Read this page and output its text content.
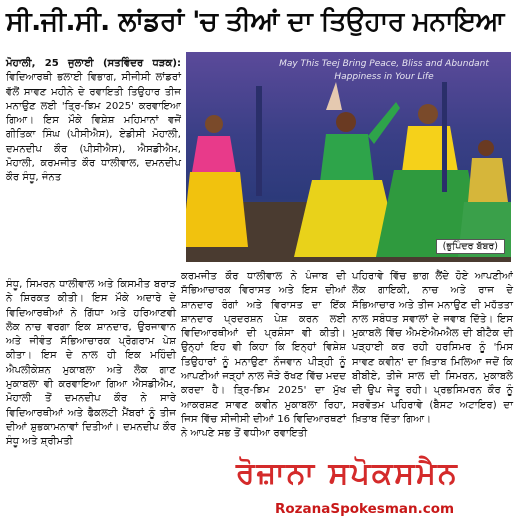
ਸੀ.ਜੀ.ਸੀ. ਲਾਂਡਰਾਂ 'ਚ ਤੀਆਂ ਦਾ ਤਿਉਹਾਰ ਮਨਾਇਆ

ਮੋਹਾਲੀ, 25 ਜੁਲਾਈ (ਸਤਵਿੰਦਰ ਧੜਕ): ਵਿਦਿਆਰਥੀ ਭਲਾਈ ਵਿਭਾਗ, ਸੀਜੀਸੀ ਲਾਂਡਰਾਂ ਵੱਲੋਂ ਸਾਵਣ ਮਹੀਨੇ ਦੇ ਰਵਾਇਤੀ ਤਿਉਹਾਰ ਤੀਜ ਮਨਾਉਣ ਲਈ 'ਤ੍ਰਿ-ਝਿਮ 2025' ਕਰਵਾਇਆ ਗਿਆ। ਇਸ ਮੌਕੇ ਵਿਸ਼ੇਸ਼ ਮਹਿਮਾਨਾਂ ਵਜੋਂ ਗੀਤਿਕਾ ਸਿੰਘ (ਪੀਸੀਐਸ), ਏਡੀਸੀ ਮੋਹਾਲੀ, ਦਮਨਦੀਪ ਕੌਰ (ਪੀਸੀਐਸ), ਐਸਡੀਐਮ, ਮੋਹਾਲੀ, ਕਰਮਜੀਤ ਕੌਰ ਧਾਲੀਵਾਲ, ਦਮਨਦੀਪ ਕੌਰ ਸੰਧੂ, ਜੰਨਤ

May This Teej Bring Peace, Bliss and Abundant Happiness in Your Life
(ਭੁਪਿੰਦਰ ਬੱਬਰ)

ਸੰਧੂ, ਸਿਮਰਨ ਧਾਲੀਵਾਲ ਅਤੇ ਕਿਸਮੀਤ ਬਰਾੜ ਨੇ ਸ਼ਿਰਕਤ ਕੀਤੀ। ਇਸ ਮੌਕੇ ਅਦਾਰੇ ਦੇ ਵਿਦਿਆਰਥੀਆਂ ਨੇ ਗਿੱਧਾ ਅਤੇ ਹਰਿਆਣਵੀ ਲੋਕ ਨਾਚ ਵਰਗਾ ਇਕ ਸ਼ਾਨਦਾਰ, ਉਰਜਾਵਾਨ ਅਤੇ ਜੀਵੰਤ ਸੱਭਿਆਚਾਰਕ ਪ੍ਰੋਗਰਾਮ ਪੇਸ਼ ਕੀਤਾ। ਇਸ ਦੇ ਨਾਲ ਹੀ ਇਕ ਮਹਿੰਦੀ ਐਪਲੀਕੇਸ਼ਨ ਮੁਕਾਬਲਾ ਅਤੇ ਲੋਕ ਗਾਣ ਮੁਕਾਬਲਾ ਵੀ ਕਰਵਾਇਆ ਗਿਆ ਐਸਡੀਐਮ, ਮੋਹਾਲੀ ਤੋਂ ਦਮਨਦੀਪ ਕੌਰ ਨੇ ਸਾਰੇ ਵਿਦਿਆਰਥੀਆਂ ਅਤੇ ਫੈਕਲਟੀ ਮੈਂਬਰਾਂ ਨੂੰ ਤੀਜ ਦੀਆਂ ਸ਼ੁਭਕਾਮਨਾਵਾਂ ਦਿਤੀਆਂ। ਦਮਨਦੀਪ ਕੌਰ ਸੰਧੂ ਅਤੇ ਸ਼੍ਰੀਮਤੀ

ਕਰਮਜੀਤ ਕੌਰ ਧਾਲੀਵਾਲ ਨੇ ਪੰਜਾਬ ਦੀ ਸੱਭਿਆਚਾਰਕ ਵਿਰਾਸਤ ਅਤੇ ਇਸ ਦੀਆਂ ਸ਼ਾਨਦਾਰ ਰੰਗਾਂ ਅਤੇ ਵਿਰਾਸਤ ਦਾ ਇੱਕ ਸ਼ਾਨਦਾਰ ਪ੍ਰਦਰਸ਼ਨ ਪੇਸ਼ ਕਰਨ ਲਈ ਵਿਦਿਆਰਥੀਆਂ ਦੀ ਪ੍ਰਸ਼ੰਸਾ ਵੀ ਕੀਤੀ। ਉਨ੍ਹਾਂ ਇਹ ਵੀ ਕਿਹਾ ਕਿ ਇਨ੍ਹਾਂ ਵਿਸ਼ੇਸ਼ ਤਿਉਹਾਰਾਂ ਨੂੰ ਮਨਾਉਣਾ ਨੌਜਵਾਨ ਪੀੜ੍ਹੀ ਨੂੰ ਆਪਣੀਆਂ ਜੜ੍ਹਾਂ ਨਾਲ ਜੋੜੇ ਰੱਖਣ ਵਿੱਚ ਮਦਦ ਕਰਦਾ ਹੈ। ਤ੍ਰਿ-ਝਿਮ 2025' ਦਾ ਮੁੱਖ ਆਕਰਸ਼ਣ ਸਾਵਣ ਕਵੀਨ ਮੁਕਾਬਲਾ ਰਿਹਾ, ਜਿਸ ਵਿੱਚ ਸੀਜੀਸੀ ਦੀਆਂ 16 ਵਿਦਿਆਰਥਣਾਂ ਨੇ ਆਪਣੇ ਸਭ ਤੋਂ ਵਧੀਆ ਰਵਾਇਤੀ

ਪਹਿਰਾਵੇ ਵਿੱਚ ਭਾਗ ਲੈਂਦੇ ਹੋਏ ਆਪਣੀਆਂ ਲੋਕ ਗਾਇਕੀ, ਨਾਚ ਅਤੇ ਰਾਜ ਦੇ ਸੱਭਿਆਚਾਰ ਅਤੇ ਤੀਜ ਮਨਾਉਣ ਦੀ ਮਹੱਤਤਾ ਨਾਲ ਸਬੰਧਤ ਸਵਾਲਾਂ ਦੇ ਜਵਾਬ ਦਿੱਤੇ। ਇਸ ਮੁਕਾਬਲੇ ਵਿੱਚ ਐਮਏਐਮਐਲ ਦੀ ਬੀਟੈਕ ਦੀ ਪੜ੍ਹਾਈ ਕਰ ਰਹੀ ਹਰਸਿਮਰ ਨੂੰ 'ਮਿਸ ਸਾਵਣ ਕਵੀਨ' ਦਾ ਖ਼ਿਤਾਬ ਮਿਲਿਆ ਜਦੋਂ ਕਿ ਬੀਬੀਏ, ਤੀਜੇ ਸਾਲ ਦੀ ਸਿਮਰਨ, ਮੁਕਾਬਲੇ ਦੀ ਉਪ ਜੇਤੂ ਰਹੀ। ਪ੍ਰਭਸਿਮਰਨ ਕੌਰ ਨੂੰ ਸਰਵੋਤਮ ਪਹਿਰਾਵੇ (ਬੈਸਟ ਅਟਾਇਰ) ਦਾ ਖ਼ਿਤਾਬ ਦਿੱਤਾ ਗਿਆ।

ਰੋਜ਼ਾਨਾ ਸਪੋਕਸਮੈਨ
RozanaSpokesman.com
